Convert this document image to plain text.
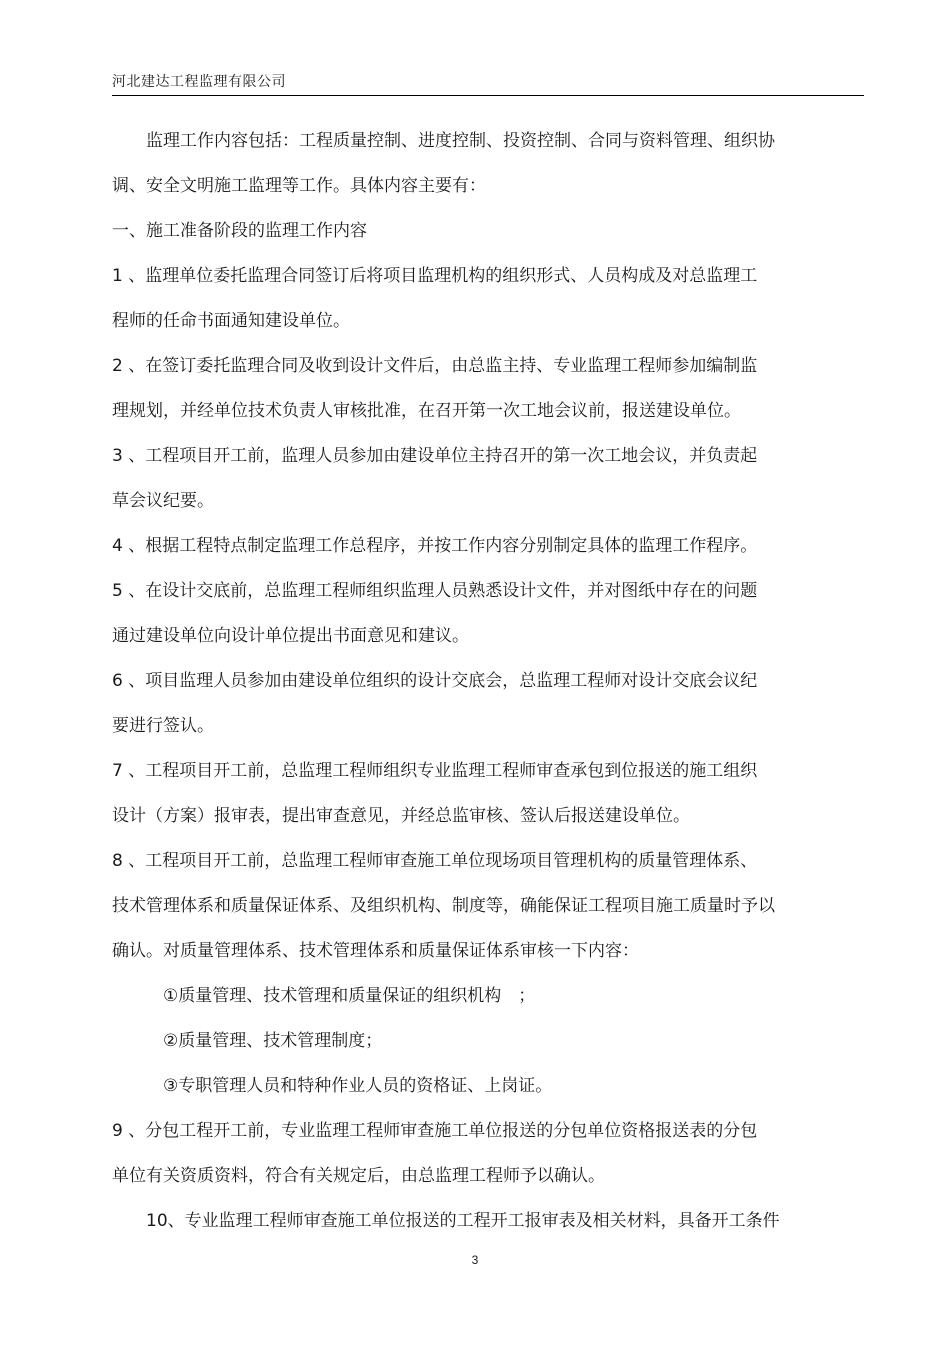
河北建达工程监理有限公司
　　监理工作内容包括：工程质量控制、进度控制、投资控制、合同与资料管理、组织协
调、安全文明施工监理等工作。具体内容主要有：
一、施工准备阶段的监理工作内容
1 、监理单位委托监理合同签订后将项目监理机构的组织形式、人员构成及对总监理工
程师的任命书面通知建设单位。
2 、在签订委托监理合同及收到设计文件后，由总监主持、专业监理工程师参加编制监
理规划，并经单位技术负责人审核批准，在召开第一次工地会议前，报送建设单位。
3 、工程项目开工前，监理人员参加由建设单位主持召开的第一次工地会议，并负责起
草会议纪要。
4 、根据工程特点制定监理工作总程序，并按工作内容分别制定具体的监理工作程序。
5 、在设计交底前，总监理工程师组织监理人员熟悉设计文件，并对图纸中存在的问题
通过建设单位向设计单位提出书面意见和建议。
6 、项目监理人员参加由建设单位组织的设计交底会，总监理工程师对设计交底会议纪
要进行签认。
7 、工程项目开工前，总监理工程师组织专业监理工程师审查承包到位报送的施工组织
设计（方案）报审表，提出审查意见，并经总监审核、签认后报送建设单位。
8 、工程项目开工前，总监理工程师审查施工单位现场项目管理机构的质量管理体系、
技术管理体系和质量保证体系、及组织机构、制度等，确能保证工程项目施工质量时予以
确认。对质量管理体系、技术管理体系和质量保证体系审核一下内容：
　　　①质量管理、技术管理和质量保证的组织机构　；
　　　②质量管理、技术管理制度；
　　　③专职管理人员和特种作业人员的资格证、上岗证。
9 、分包工程开工前，专业监理工程师审查施工单位报送的分包单位资格报送表的分包
单位有关资质资料，符合有关规定后，由总监理工程师予以确认。
　　10、专业监理工程师审查施工单位报送的工程开工报审表及相关材料，具备开工条件
3
